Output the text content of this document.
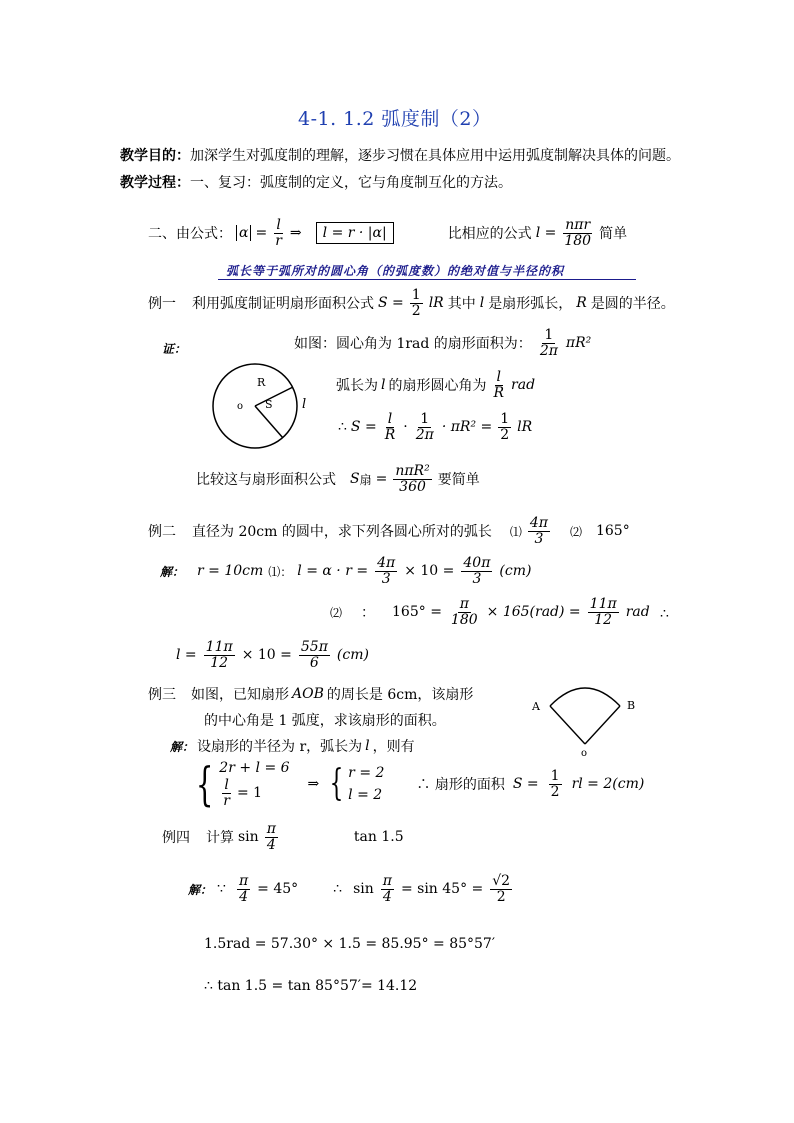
4-1. 1.2 弧度制（2）
教学目的：加深学生对弧度制的理解，逐步习惯在具体应用中运用弧度制解决具体的问题。
教学过程：一、复习：弧度制的定义，它与角度制互化的方法。
二、由公式： $\alpha = \frac{l}{r}$ ⇒	l = r · |α|	比相应的公式 $l = \frac{\text{nπr}}{180}$ 简单
弧长等于弧所对的圆心角（的弧度数）的绝对值与半径的积
例一 利用弧度制证明扇形面积公式 $S = \frac{1}{2}$ lR 其中 l 是扇形弧长， R 是圆的半径。
证：	如图：圆心角为 1rad 的扇形面积为： $\frac{1}{2\pi} \pi R^2$
R
S
o	l
弧长为 l 的扇形圆心角为 $\frac{l}{R}$ rad
∴ $S = \frac{l}{R} \cdot \frac{1}{2\pi} \cdot \pi R^2 = \frac{1}{2}$ lR
比较这与扇形面积公式 S 扇 = $\frac{\text{nπR²}}{360}$ 要简单
例二 直径为 20cm 的圆中，求下列各圆心所对的弧长 ⑴ $\frac{4\pi}{3}$ ⑵ 165°
解： r = 10cm ⑴： $l = \alpha \cdot r = \frac{4\pi}{3} \times 10 = \frac{40\pi}{3} (cm)$
⑵ ： $165^\circ = \frac{\pi}{180} \times 165(rad) = \frac{11\pi}{12}$ rad ∴
$l = \frac{11\pi}{12} \times 10 = \frac{55\pi}{6} (cm)$
例三 如图，已知扇形 AOB 的周长是 6cm，该扇形
的中心角是 1 弧度，求该扇形的面积。
A	B
o
解： 设扇形的半径为 r，弧长为 l ，则有
{ 2r + l = 6
$\frac{l}{r} = 1$
⇒ { r = 2
l = 2
∴ 扇形的面积 $S = \frac{1}{2}$ rl = 2(cm)
例四 计算 $\sin \frac{\pi}{4}$	tan 1.5
解： ∵ $\frac{\pi}{4} = 45^\circ$	∴ $\sin \frac{\pi}{4} = \sin 45^\circ = \frac{√2}{2}$
1.5rad = 57.30° × 1.5 = 85.95° = 85°57′
∴ tan 1.5 = tan 85°57′= 14.12
